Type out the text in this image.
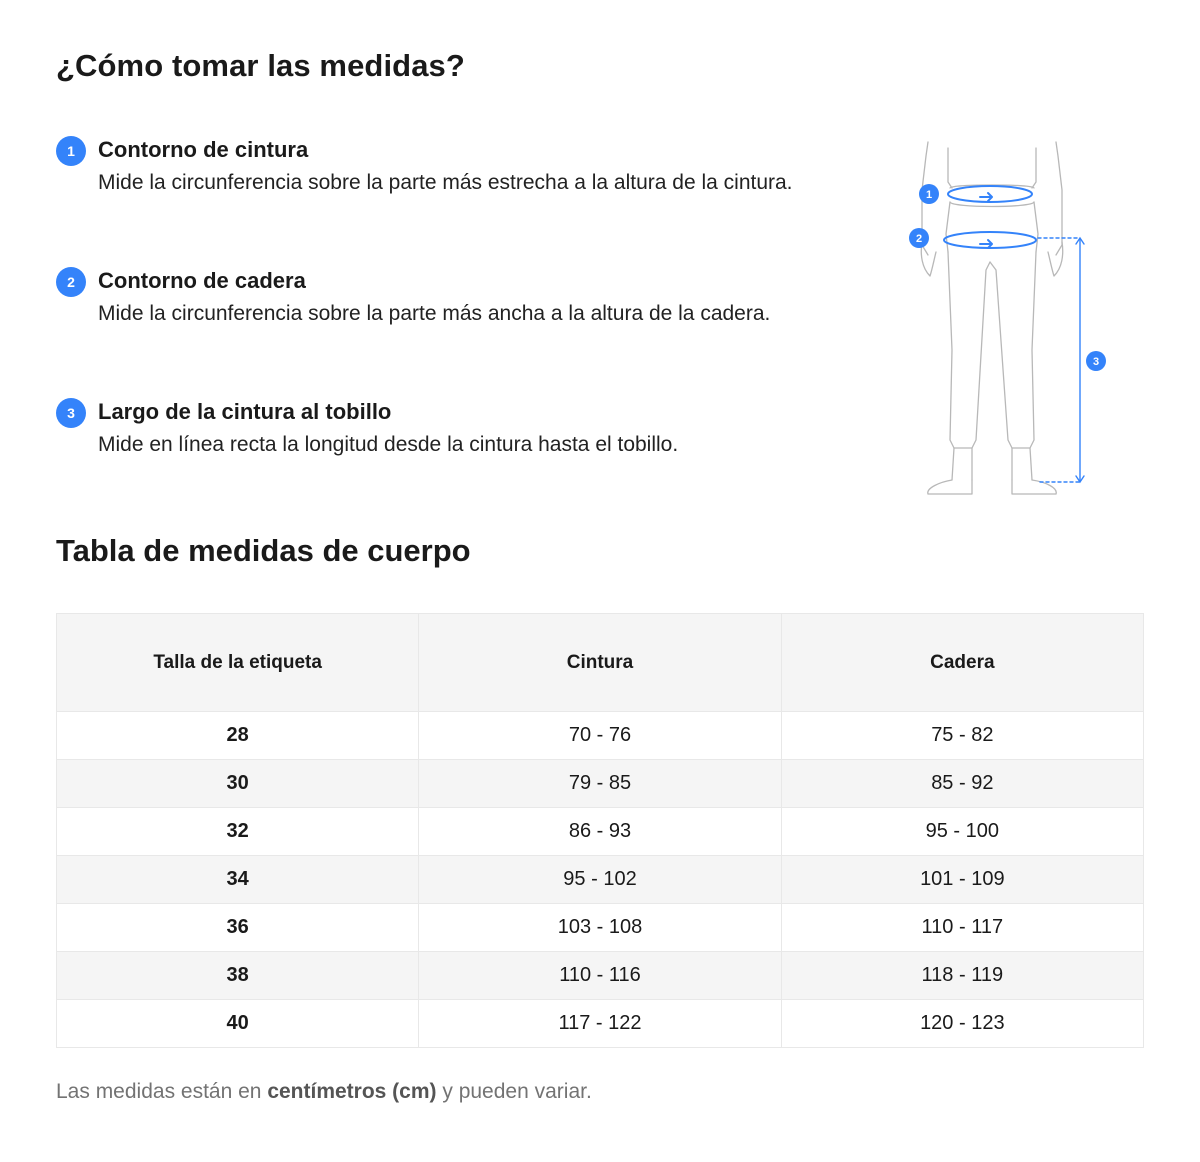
¿Cómo tomar las medidas?
1	Contorno de cintura
Mide la circunferencia sobre la parte más estrecha a la altura de la cintura.
2	Contorno de cadera
Mide la circunferencia sobre la parte más ancha a la altura de la cadera.
3	Largo de la cintura al tobillo
Mide en línea recta la longitud desde la cintura hasta el tobillo.
1
2
3
Tabla de medidas de cuerpo
Talla de la etiqueta	Cintura	Cadera
28	70 - 76	75 - 82
30	79 - 85	85 - 92
32	86 - 93	95 - 100
34	95 - 102	101 - 109
36	103 - 108	110 - 117
38	110 - 116	118 - 119
40	117 - 122	120 - 123
Las medidas están en centímetros (cm) y pueden variar.
